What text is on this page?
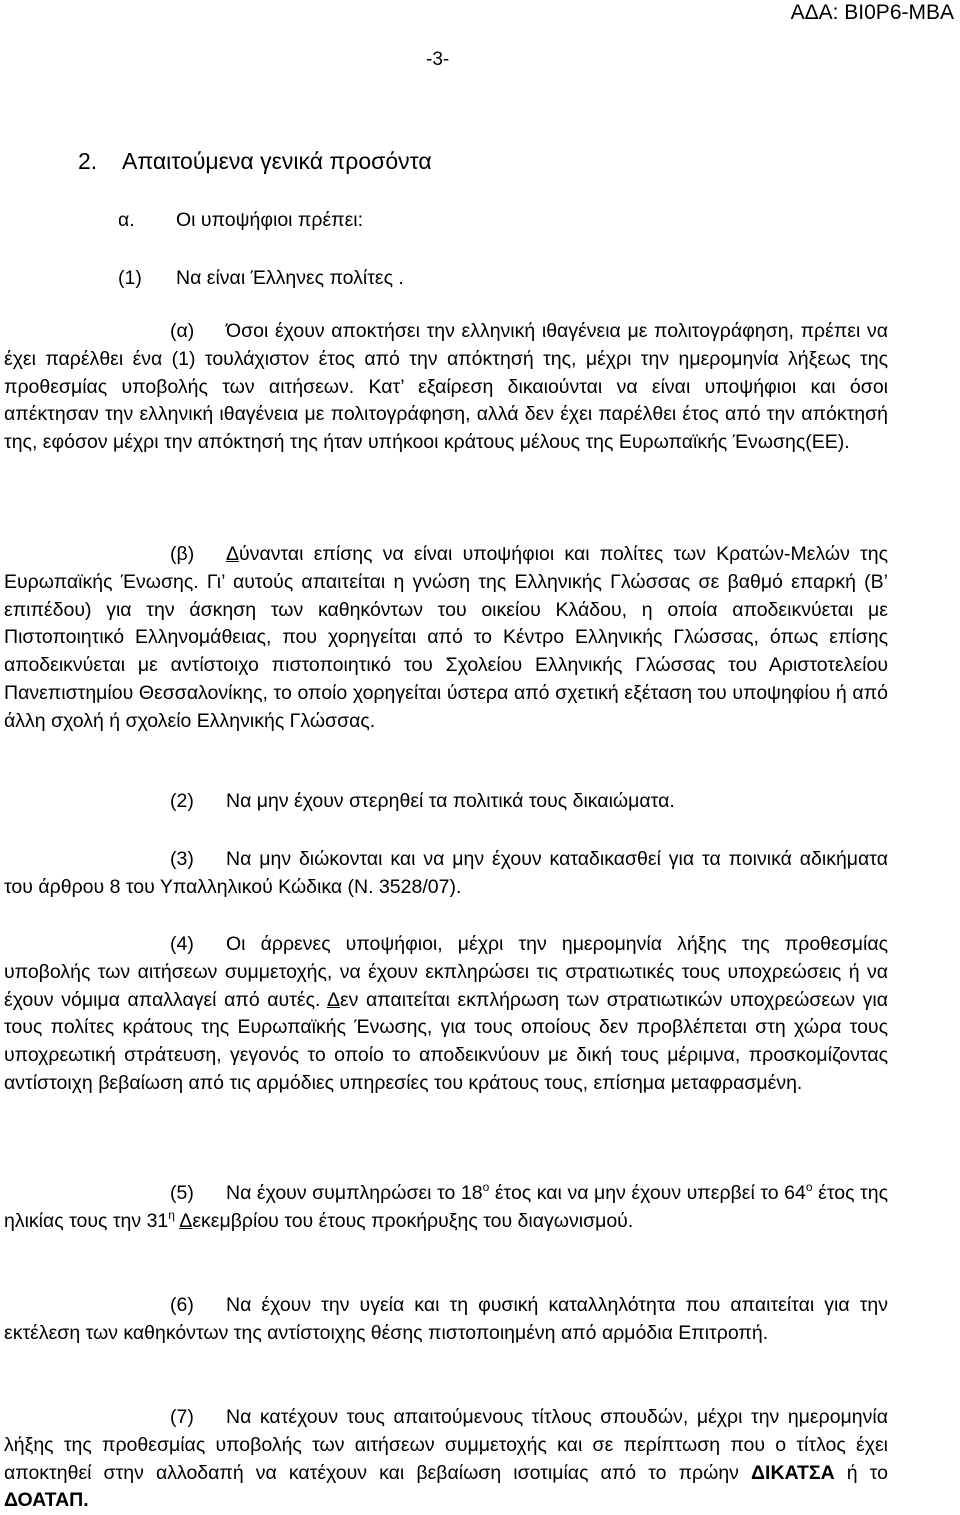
ΑΔΑ: ΒΙ0Ρ6-ΜΒΑ
-3-
2. Απαιτούμενα γενικά προσόντα
α. Οι υποψήφιοι πρέπει:
(1) Να είναι Έλληνες πολίτες .
(α) Όσοι έχουν αποκτήσει την ελληνική ιθαγένεια με πολιτογράφηση, πρέπει να έχει παρέλθει ένα (1) τουλάχιστον έτος από την απόκτησή της, μέχρι την ημερομηνία λήξεως της προθεσμίας υποβολής των αιτήσεων. Κατ’ εξαίρεση δικαιούνται να είναι υποψήφιοι και όσοι απέκτησαν την ελληνική ιθαγένεια με πολιτογράφηση, αλλά δεν έχει παρέλθει έτος από την απόκτησή της, εφόσον μέχρι την απόκτησή της ήταν υπήκοοι κράτους μέλους της Ευρωπαϊκής Ένωσης(ΕΕ).
(β) Δύνανται επίσης να είναι υποψήφιοι και πολίτες των Κρατών-Μελών της Ευρωπαϊκής Ένωσης. Γι’ αυτούς απαιτείται η γνώση της Ελληνικής Γλώσσας σε βαθμό επαρκή (Β’ επιπέδου) για την άσκηση των καθηκόντων του οικείου Κλάδου, η οποία αποδεικνύεται με Πιστοποιητικό Ελληνομάθειας, που χορηγείται από το Κέντρο Ελληνικής Γλώσσας, όπως επίσης αποδεικνύεται με αντίστοιχο πιστοποιητικό του Σχολείου Ελληνικής Γλώσσας του Αριστοτελείου Πανεπιστημίου Θεσσαλονίκης, το οποίο χορηγείται ύστερα από σχετική εξέταση του υποψηφίου ή από άλλη σχολή ή σχολείο Ελληνικής Γλώσσας.
(2) Να μην έχουν στερηθεί τα πολιτικά τους δικαιώματα.
(3) Να μην διώκονται και να μην έχουν καταδικασθεί για τα ποινικά αδικήματα του άρθρου 8 του Υπαλληλικού Κώδικα (Ν. 3528/07).
(4) Οι άρρενες υποψήφιοι, μέχρι την ημερομηνία λήξης της προθεσμίας υποβολής των αιτήσεων συμμετοχής, να έχουν εκπληρώσει τις στρατιωτικές τους υποχρεώσεις ή να έχουν νόμιμα απαλλαγεί από αυτές. Δεν απαιτείται εκπλήρωση των στρατιωτικών υποχρεώσεων για τους πολίτες κράτους της Ευρωπαϊκής Ένωσης, για τους οποίους δεν προβλέπεται στη χώρα τους υποχρεωτική στράτευση, γεγονός το οποίο το αποδεικνύουν με δική τους μέριμνα, προσκομίζοντας αντίστοιχη βεβαίωση από τις αρμόδιες υπηρεσίες του κράτους τους, επίσημα μεταφρασμένη.
(5) Να έχουν συμπληρώσει το $18^o$ έτος και να μην έχουν υπερβεί το $64^o$ έτος της ηλικίας τους την $31^\eta$ Δεκεμβρίου του έτους προκήρυξης του διαγωνισμού.
(6) Να έχουν την υγεία και τη φυσική καταλληλότητα που απαιτείται για την εκτέλεση των καθηκόντων της αντίστοιχης θέσης πιστοποιημένη από αρμόδια Επιτροπή.
(7) Να κατέχουν τους απαιτούμενους τίτλους σπουδών, μέχρι την ημερομηνία λήξης της προθεσμίας υποβολής των αιτήσεων συμμετοχής και σε περίπτωση που ο τίτλος έχει αποκτηθεί στην αλλοδαπή να κατέχουν και βεβαίωση ισοτιμίας από το πρώην ΔΙΚΑΤΣΑ ή το ΔΟΑΤΑΠ.
